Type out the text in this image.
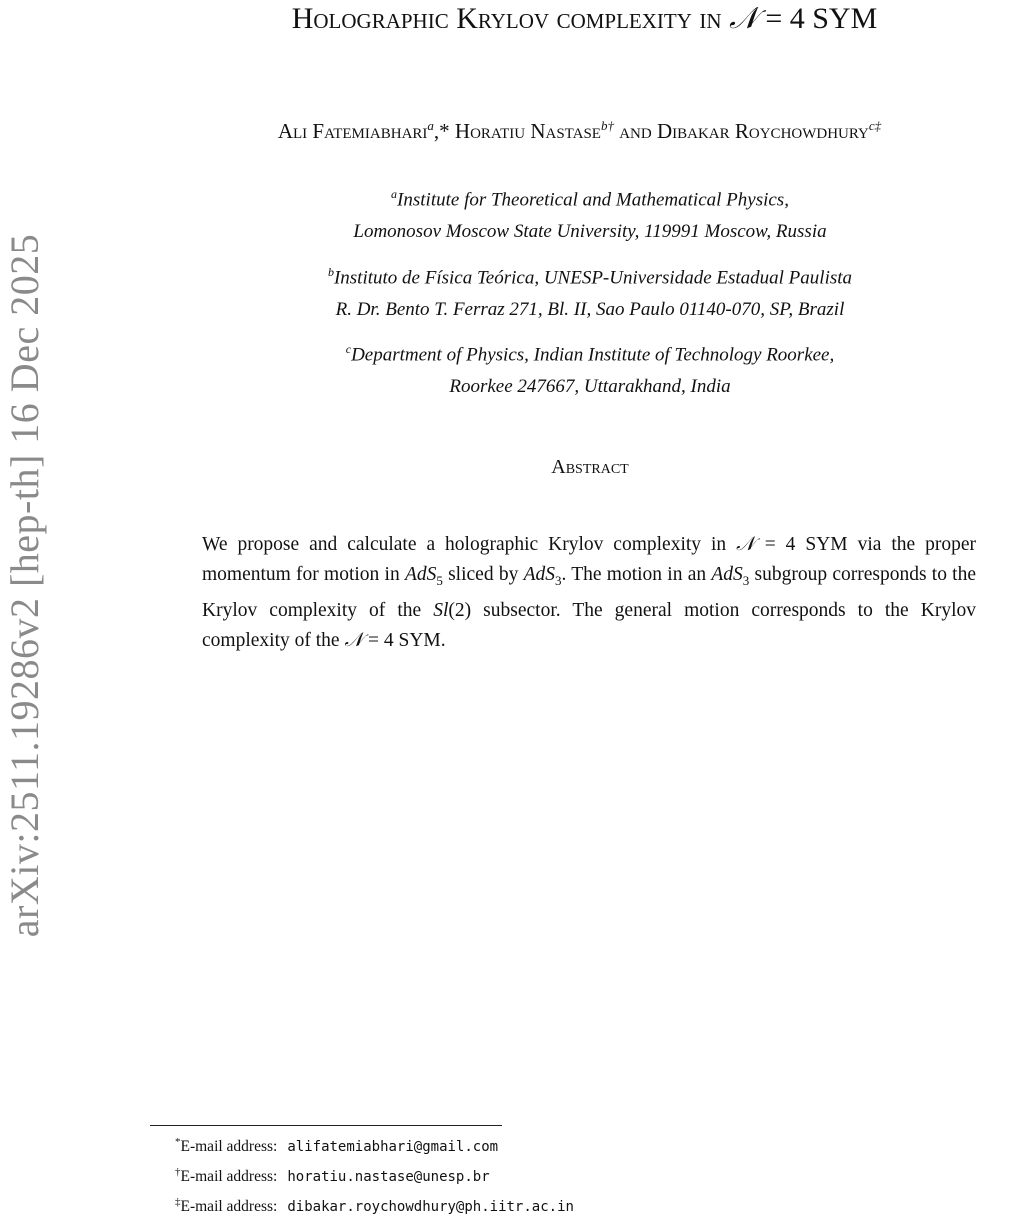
arXiv:2511.19286v2 [hep-th] 16 Dec 2025
Holographic Krylov complexity in 𝒩 = 4 SYM
Ali Fatemiabhari$^a$,* Horatiu Nastase$^{b\dagger}$ and Dibakar Roychowdhury$^{c\ddagger}$
$^a$Institute for Theoretical and Mathematical Physics,
Lomonosov Moscow State University, 119991 Moscow, Russia
$^b$Instituto de Física Teórica, UNESP-Universidade Estadual Paulista
R. Dr. Bento T. Ferraz 271, Bl. II, Sao Paulo 01140-070, SP, Brazil
$^c$Department of Physics, Indian Institute of Technology Roorkee,
Roorkee 247667, Uttarakhand, India
Abstract
We propose and calculate a holographic Krylov complexity in 𝒩 = 4 SYM via the proper momentum for motion in AdS$_5$ sliced by AdS$_3$. The motion in an AdS$_3$ subgroup corresponds to the Krylov complexity of the Sl(2) subsector. The general motion corresponds to the Krylov complexity of the 𝒩 = 4 SYM.
*E-mail address: alifatemiabhari@gmail.com
†E-mail address: horatiu.nastase@unesp.br
‡E-mail address: dibakar.roychowdhury@ph.iitr.ac.in
